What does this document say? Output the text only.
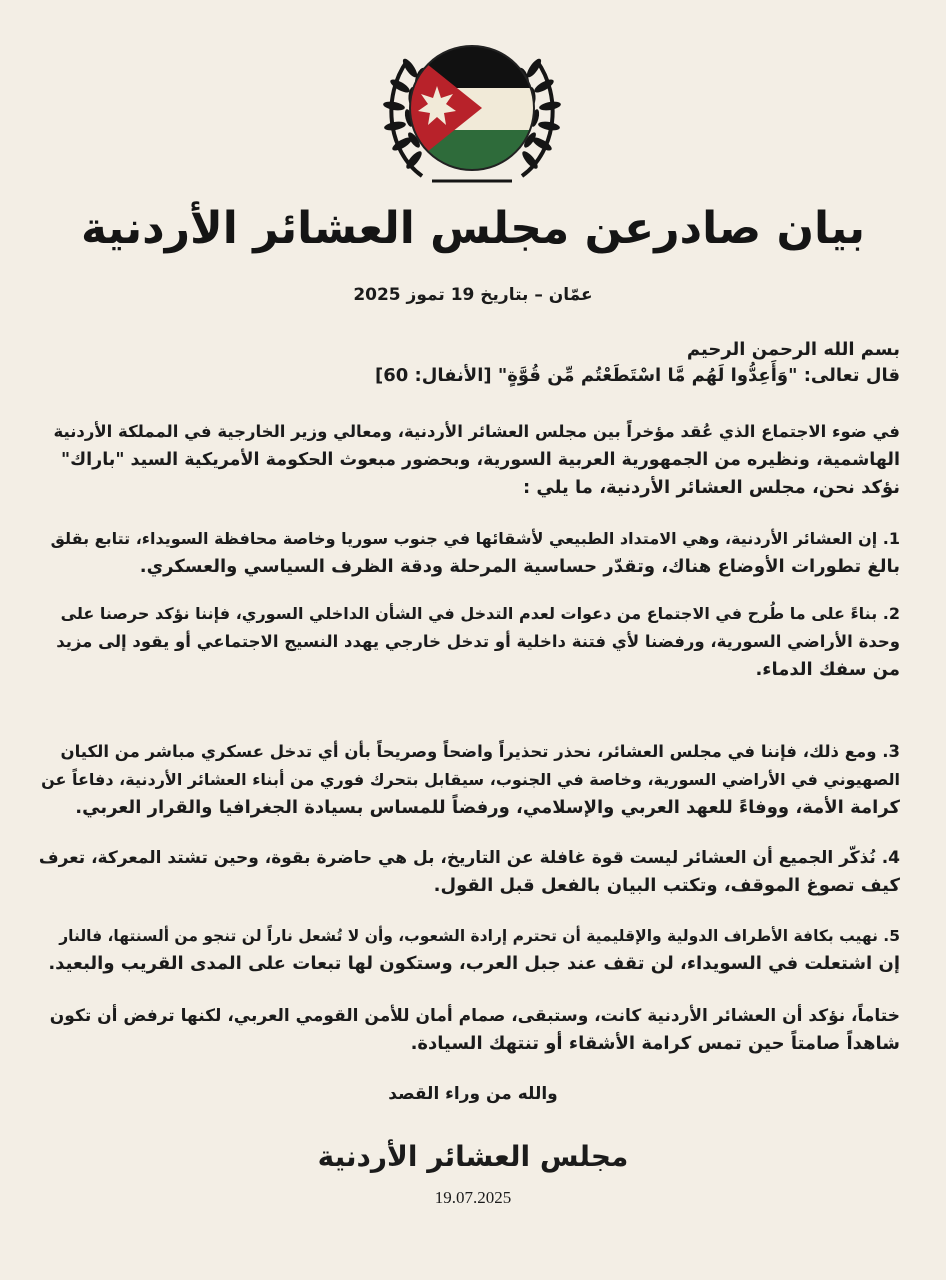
بيان صادرعن مجلس العشائر الأردنية
عمّان – بتاريخ 19 تموز 2025
بسم الله الرحمن الرحيم
قال تعالى: "وَأَعِدُّوا لَهُم مَّا اسْتَطَعْتُم مِّن قُوَّةٍ" [الأنفال: 60]
في ضوء الاجتماع الذي عُقد مؤخراً بين مجلس العشائر الأردنية، ومعالي وزير الخارجية في المملكة الأردنية
الهاشمية، ونظيره من الجمهورية العربية السورية، وبحضور مبعوث الحكومة الأمريكية السيد "باراك"
نؤكد نحن، مجلس العشائر الأردنية، ما يلي :
1. إن العشائر الأردنية، وهي الامتداد الطبيعي لأشقائها في جنوب سوريا وخاصة محافظة السويداء، تتابع بقلق
بالغ تطورات الأوضاع هناك، وتقدّر حساسية المرحلة ودقة الظرف السياسي والعسكري.
2. بناءً على ما طُرح في الاجتماع من دعوات لعدم التدخل في الشأن الداخلي السوري، فإننا نؤكد حرصنا على
وحدة الأراضي السورية، ورفضنا لأي فتنة داخلية أو تدخل خارجي يهدد النسيج الاجتماعي أو يقود إلى مزيد
من سفك الدماء.
3. ومع ذلك، فإننا في مجلس العشائر، نحذر تحذيراً واضحاً وصريحاً بأن أي تدخل عسكري مباشر من الكيان
الصهيوني في الأراضي السورية، وخاصة في الجنوب، سيقابل بتحرك فوري من أبناء العشائر الأردنية، دفاعاً عن
كرامة الأمة، ووفاءً للعهد العربي والإسلامي، ورفضاً للمساس بسيادة الجغرافيا والقرار العربي.
4. نُذكّر الجميع أن العشائر ليست قوة غافلة عن التاريخ، بل هي حاضرة بقوة، وحين تشتد المعركة، تعرف
كيف تصوغ الموقف، وتكتب البيان بالفعل قبل القول.
5. نهيب بكافة الأطراف الدولية والإقليمية أن تحترم إرادة الشعوب، وأن لا تُشعل ناراً لن تنجو من ألسنتها، فالنار
إن اشتعلت في السويداء، لن تقف عند جبل العرب، وستكون لها تبعات على المدى القريب والبعيد.
ختاماً، نؤكد أن العشائر الأردنية كانت، وستبقى، صمام أمان للأمن القومي العربي، لكنها ترفض أن تكون
شاهداً صامتاً حين تمس كرامة الأشقاء أو تنتهك السيادة.
والله من وراء القصد
مجلس العشائر الأردنية
19.07.2025
